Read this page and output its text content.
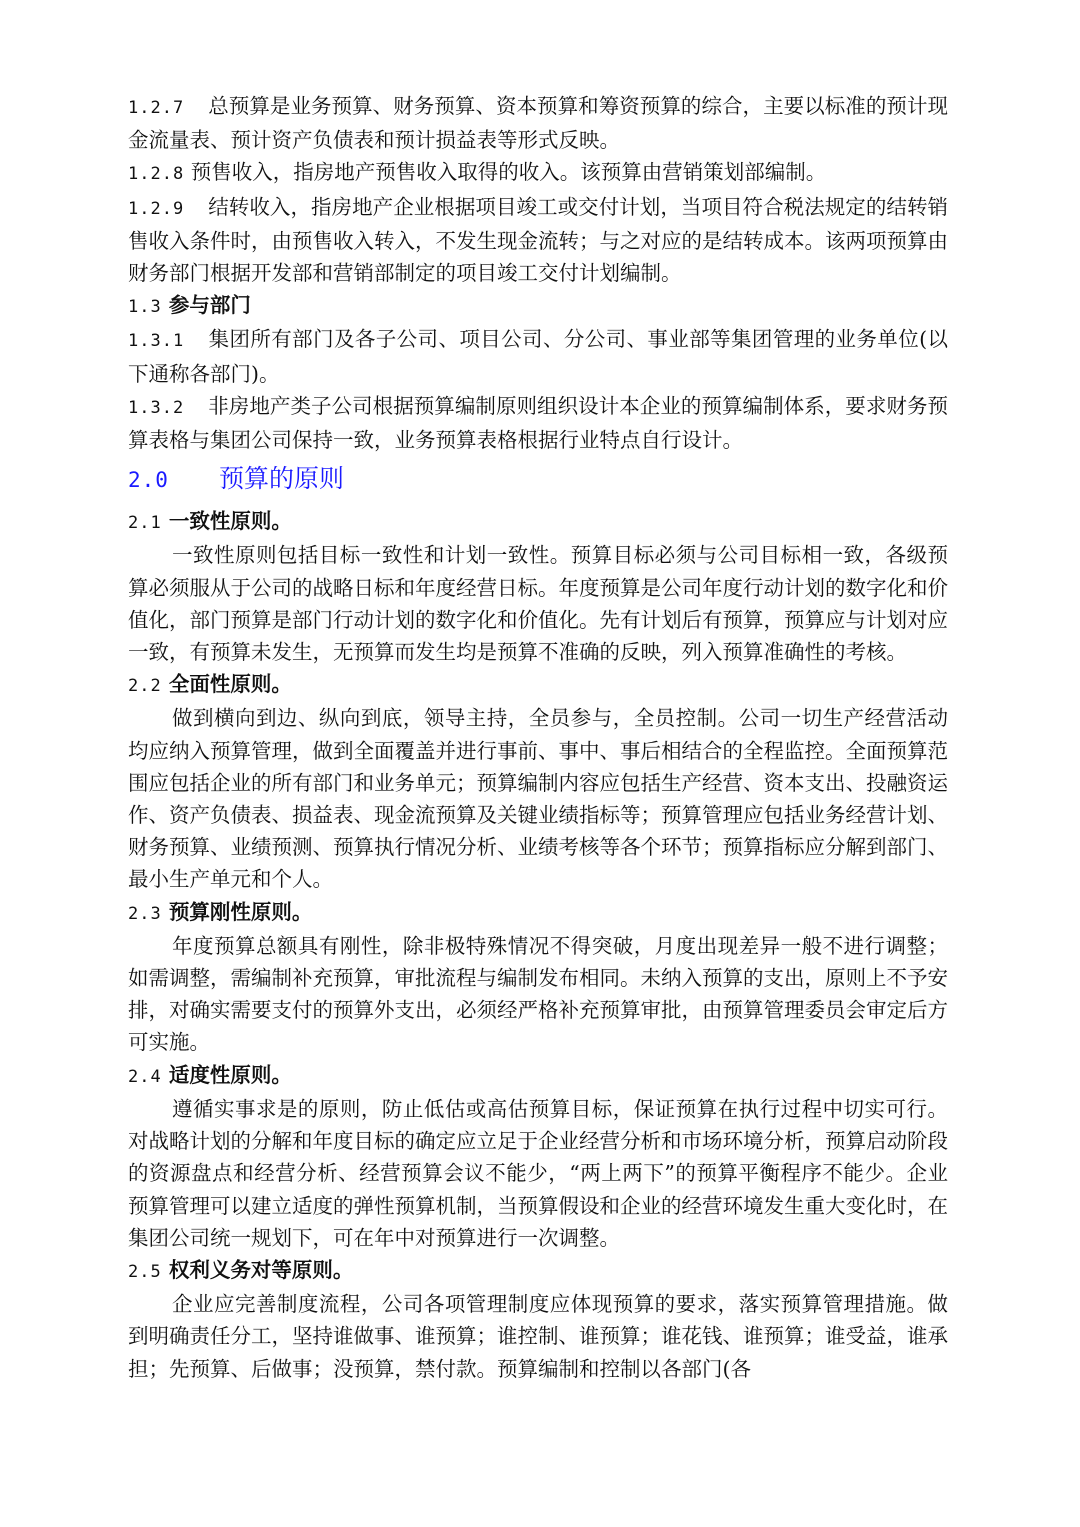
1.2.7 总预算是业务预算、财务预算、资本预算和筹资预算的综合，主要以标准的预计现金流量表、预计资产负债表和预计损益表等形式反映。

1.2.8 预售收入，指房地产预售收入取得的收入。该预算由营销策划部编制。

1.2.9 结转收入，指房地产企业根据项目竣工或交付计划，当项目符合税法规定的结转销售收入条件时，由预售收入转入，不发生现金流转；与之对应的是结转成本。该两项预算由财务部门根据开发部和营销部制定的项目竣工交付计划编制。

1.3 参与部门

1.3.1 集团所有部门及各子公司、项目公司、分公司、事业部等集团管理的业务单位(以下通称各部门)。

1.3.2 非房地产类子公司根据预算编制原则组织设计本企业的预算编制体系，要求财务预算表格与集团公司保持一致，业务预算表格根据行业特点自行设计。

2.0 预算的原则

2.1 一致性原则。

一致性原则包括目标一致性和计划一致性。预算目标必须与公司目标相一致，各级预算必须服从于公司的战略日标和年度经营日标。年度预算是公司年度行动计划的数字化和价值化，部门预算是部门行动计划的数字化和价值化。先有计划后有预算，预算应与计划对应一致，有预算未发生，无预算而发生均是预算不准确的反映，列入预算准确性的考核。

2.2 全面性原则。

做到横向到边、纵向到底，领导主持，全员参与，全员控制。公司一切生产经营活动均应纳入预算管理，做到全面覆盖并进行事前、事中、事后相结合的全程监控。全面预算范围应包括企业的所有部门和业务单元；预算编制内容应包括生产经营、资本支出、投融资运作、资产负债表、损益表、现金流预算及关键业绩指标等；预算管理应包括业务经营计划、财务预算、业绩预测、预算执行情况分析、业绩考核等各个环节；预算指标应分解到部门、最小生产单元和个人。

2.3 预算刚性原则。

年度预算总额具有刚性，除非极特殊情况不得突破，月度出现差异一般不进行调整；如需调整，需编制补充预算，审批流程与编制发布相同。未纳入预算的支出，原则上不予安排，对确实需要支付的预算外支出，必须经严格补充预算审批，由预算管理委员会审定后方可实施。

2.4 适度性原则。

遵循实事求是的原则，防止低估或高估预算目标，保证预算在执行过程中切实可行。对战略计划的分解和年度目标的确定应立足于企业经营分析和市场环境分析，预算启动阶段的资源盘点和经营分析、经营预算会议不能少，“两上两下”的预算平衡程序不能少。企业预算管理可以建立适度的弹性预算机制，当预算假设和企业的经营环境发生重大变化时，在集团公司统一规划下，可在年中对预算进行一次调整。

2.5 权利义务对等原则。

企业应完善制度流程，公司各项管理制度应体现预算的要求，落实预算管理措施。做到明确责任分工，坚持谁做事、谁预算；谁控制、谁预算；谁花钱、谁预算；谁受益，谁承担；先预算、后做事；没预算，禁付款。预算编制和控制以各部门(各
